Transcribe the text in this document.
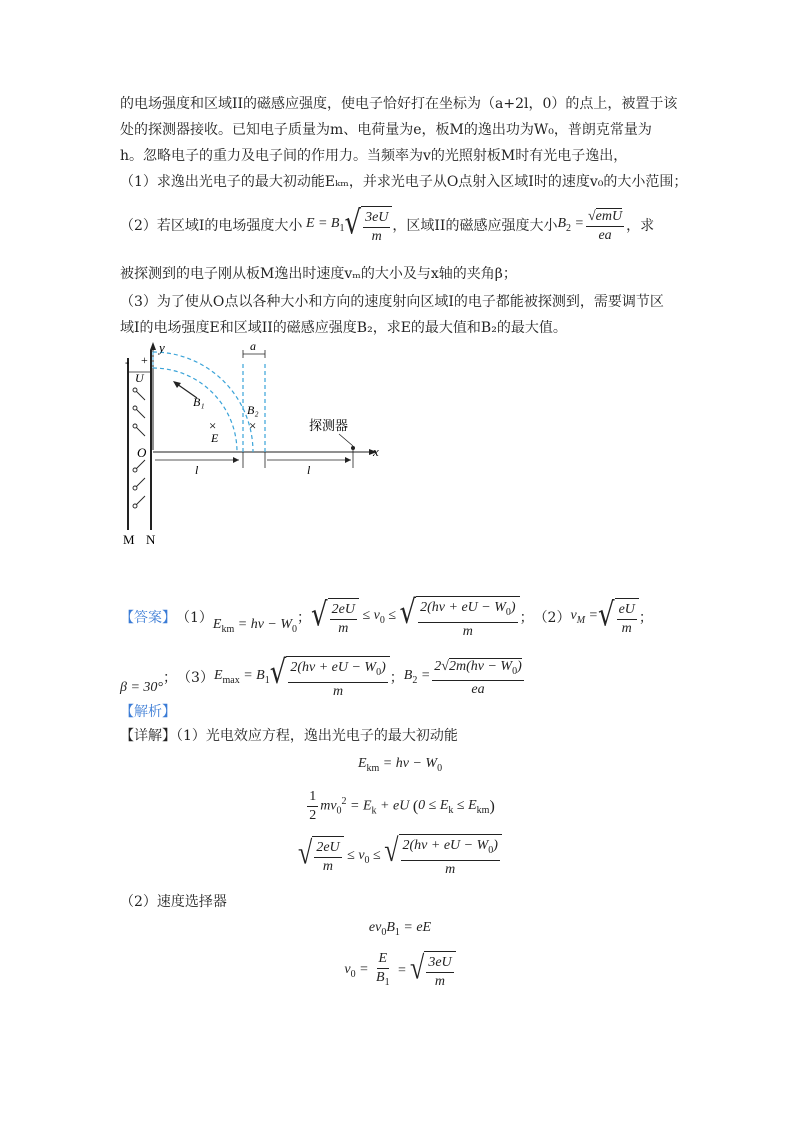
的电场强度和区域II的磁感应强度，使电子恰好打在坐标为（a+2l，0）的点上，被置于该
处的探测器接收。已知电子质量为m、电荷量为e，板M的逸出功为W₀，普朗克常量为
h。忽略电子的重力及电子间的作用力。当频率为v的光照射板M时有光电子逸出，
（1）求逸出光电子的最大初动能Eₖₘ，并求光电子从O点射入区域I时的速度v₀的大小范围；
（2）若区域I的电场强度大小 $E = B_1$ √ $\frac{3eU}{m}$ ，区域II的磁感应强度大小 $B_2 = \frac{\text{√emU}}{ea}$ ，求
被探测到的电子刚从板M逸出时速度vₘ的大小及与x轴的夹角β；
（3）为了使从O点以各种大小和方向的速度射向区域I的电子都能被探测到，需要调节区
域Ⅰ的电场强度E和区域II的磁感应强度B₂，求E的最大值和B₂的最大值。
y
x
- +
U
a
B₁
B₂
×	×
E
O
l	l
探测器
M N
【答案】 （1） $E_{km} = h\nu - W_0$
； √ $\frac{2eU}{m} \le v_0$ ≤ √ $\frac{2(h\nu + eU - W_0)}{m}$ ； （2） $v_M$ = √ $\frac{eU}{m}$ ；
β = 30°
； （3） $E_{max} = B_1$ √ $\frac{2(h\nu + eU - W_0)}{m}$ ； $B_2 = \frac{2√2m(h\nu - W_0)}{ea}$
【解析】
【详解】（1）光电效应方程，逸出光电子的最大初动能
$E_{km} = h\nu - W_0$
$\frac{1}{2} mv_0^2 = E_k$ + eU ( $0 \le E_k \le E_{km}$ )
√ $\frac{2eU}{m} \le v_0$ ≤ √ $\frac{2(h\nu + eU - W_0)}{m}$
（2）速度选择器
$ev_0B_1$ = eE
$v_0 = \frac{E}{B_1}$ = √ $\frac{3eU}{m}$
